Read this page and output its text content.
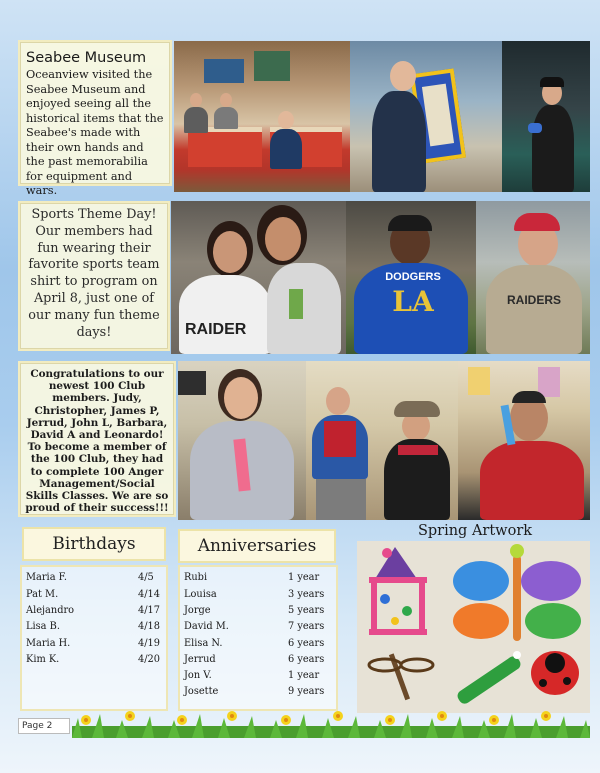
Seabee Museum
Oceanview visited the Seabee Museum and enjoyed seeing all the historical items that the Seabee's made with their own hands and the past memorabilia for equipment and wars.
Sports Theme Day! Our members had fun wearing their favorite sports team shirt to program on April 8, just one of our many fun theme days!	RAIDER
DODGERS
LA	RAIDERS
Congratulations to our newest 100 Club members. Judy, Christopher, James P, Jerrud, John L, Barbara, David A and Leonardo! To become a member of the 100 Club, they had to complete 100 Anger Management/Social Skills Classes. We are so proud of their success!!!
Birthdays
Maria F.	4/5
Pat M.	4/14
Alejandro	4/17
Lisa B.	4/18
Maria H.	4/19
Kim K.	4/20
Anniversaries
Rubi	1 year
Louisa	3 years
Jorge	5 years
David M.	7 years
Elisa N.	6 years
Jerrud	6 years
Jon V.	1 year
Josette	9 years
Spring Artwork
Page 2
